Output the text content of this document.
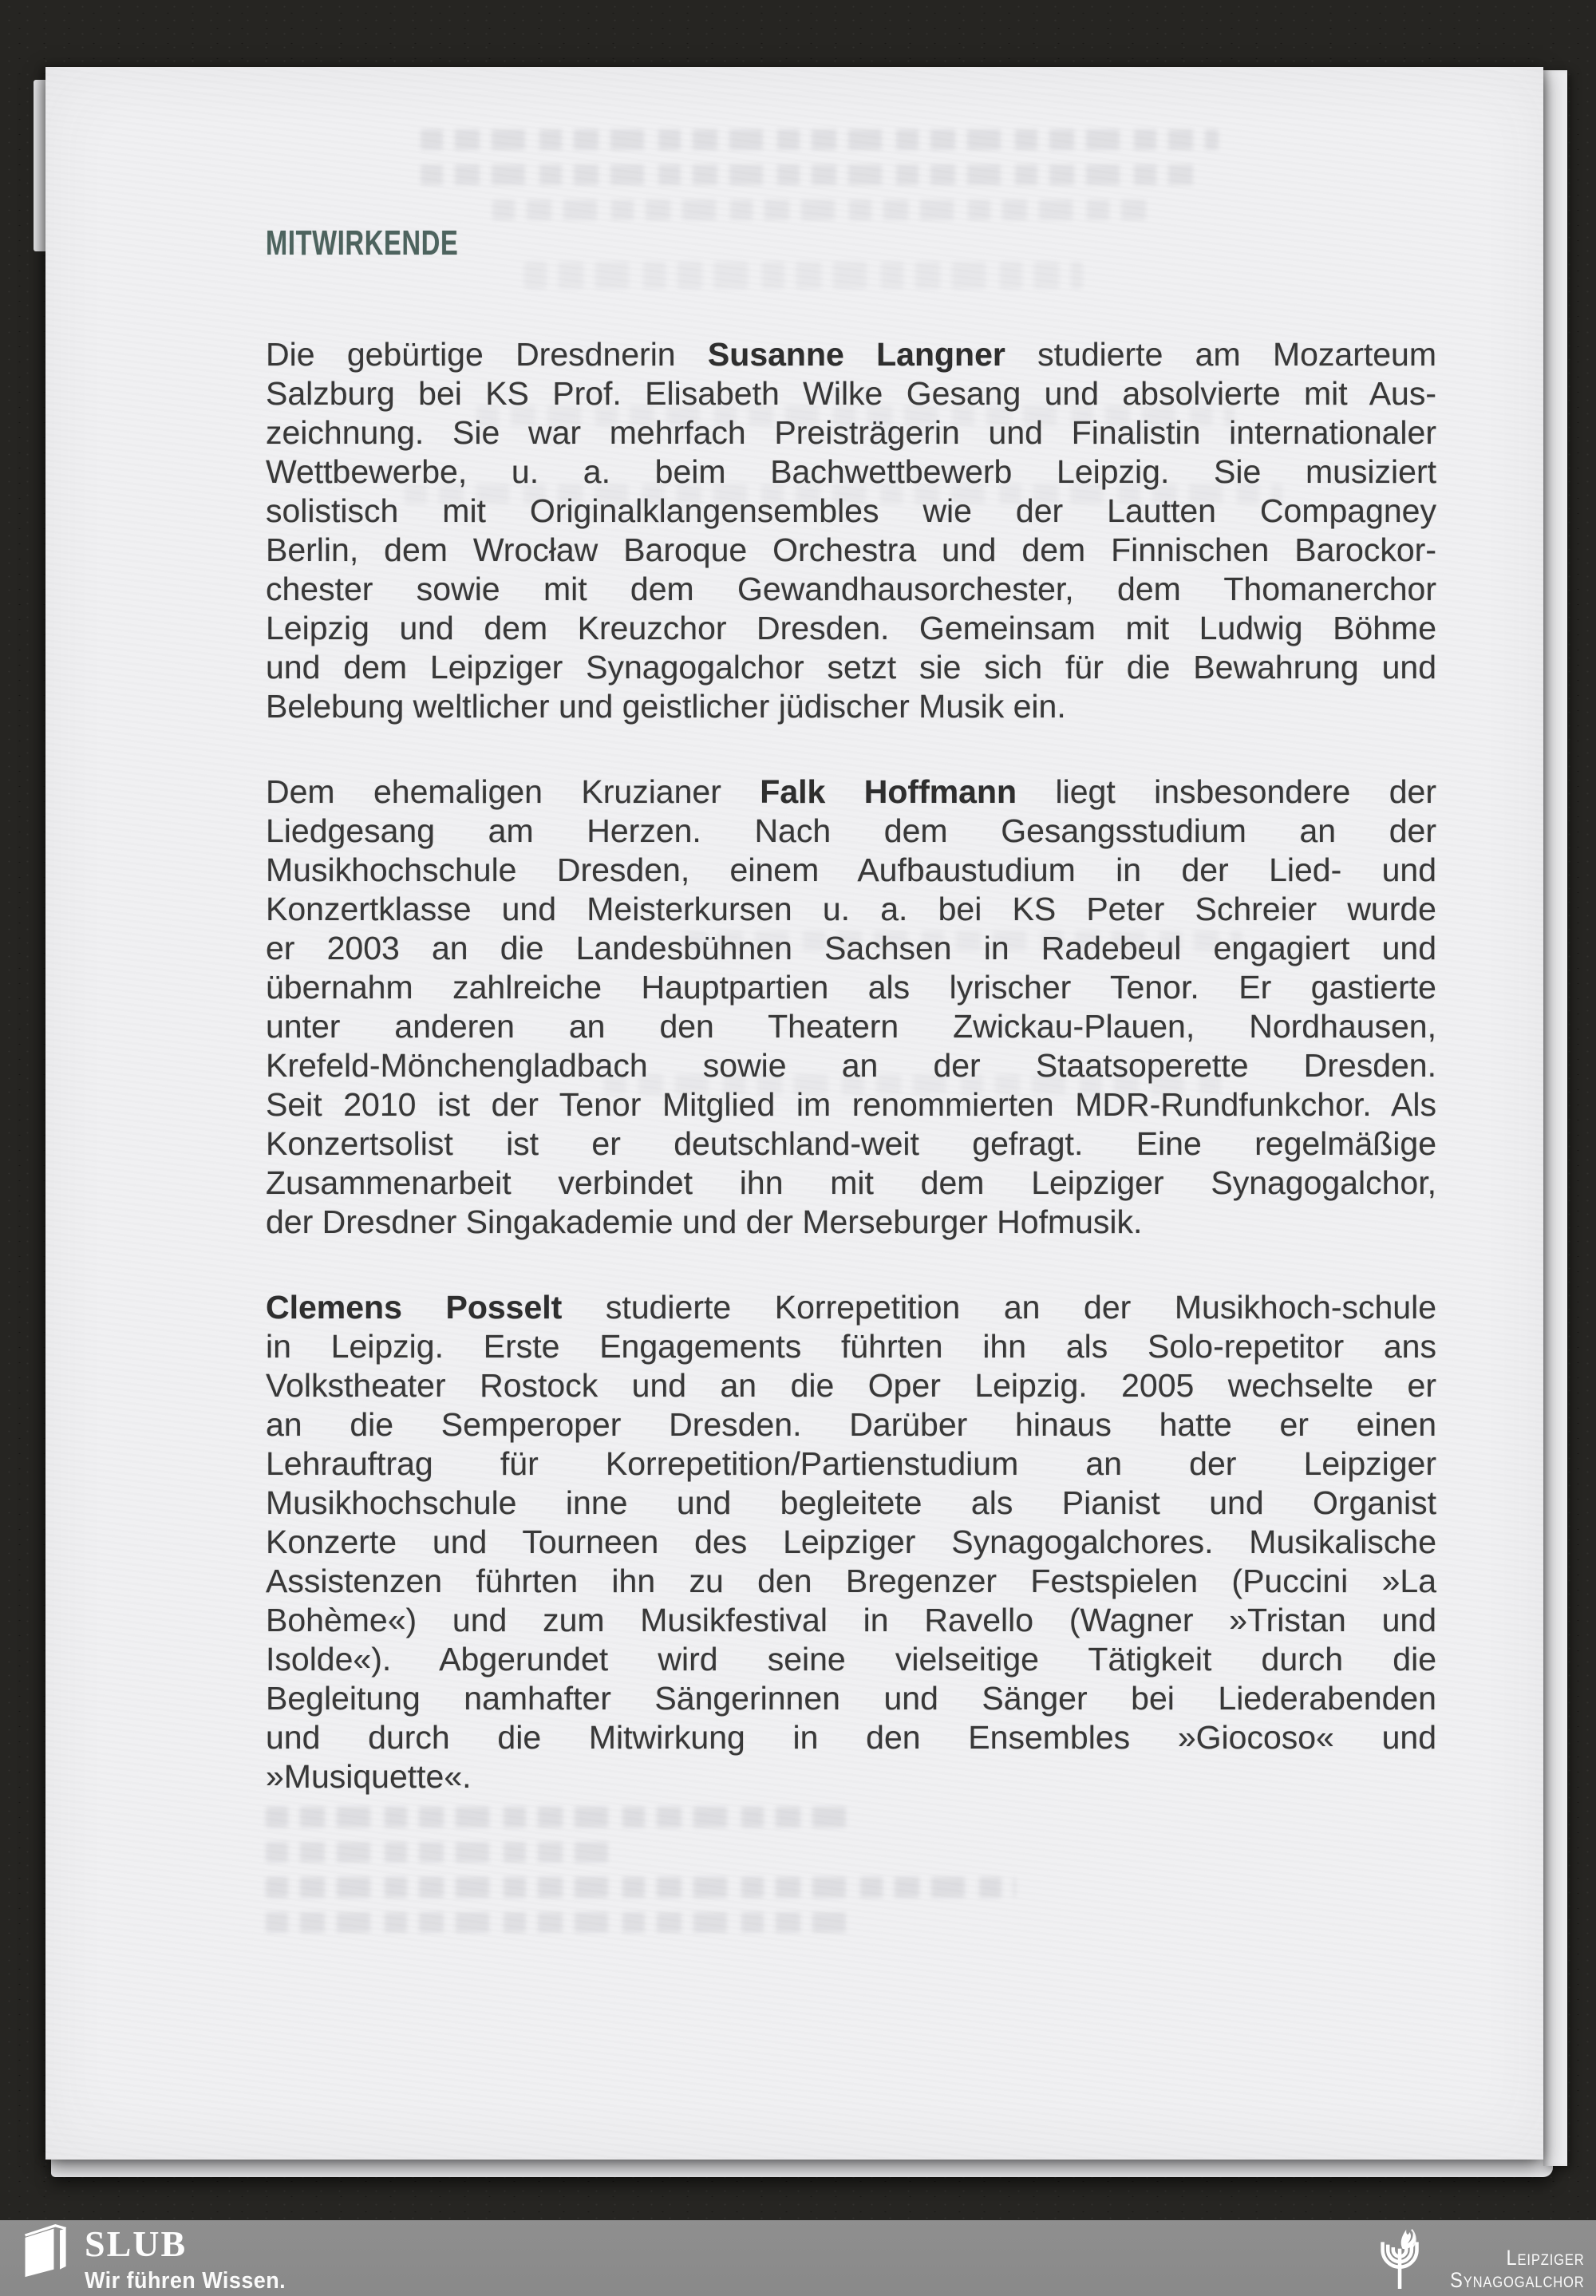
MITWIRKENDE
Die gebürtige Dresdnerin Susanne Langner studierte am Mozarteum
Salzburg bei KS Prof. Elisabeth Wilke Gesang und absolvierte mit Aus-
zeichnung. Sie war mehrfach Preisträgerin und Finalistin internationaler
Wettbewerbe, u. a. beim Bachwettbewerb Leipzig. Sie musiziert
solistisch mit Originalklangensembles wie der Lautten Compagney
Berlin, dem Wrocław Baroque Orchestra und dem Finnischen Barockor-
chester sowie mit dem Gewandhausorchester, dem Thomanerchor
Leipzig und dem Kreuzchor Dresden. Gemeinsam mit Ludwig Böhme
und dem Leipziger Synagogalchor setzt sie sich für die Bewahrung und
Belebung weltlicher und geistlicher jüdischer Musik ein.
Dem ehemaligen Kruzianer Falk Hoffmann liegt insbesondere der
Liedgesang am Herzen. Nach dem Gesangsstudium an der
Musikhochschule Dresden, einem Aufbaustudium in der Lied- und
Konzertklasse und Meisterkursen u. a. bei KS Peter Schreier wurde
er 2003 an die Landesbühnen Sachsen in Radebeul engagiert und
übernahm zahlreiche Hauptpartien als lyrischer Tenor. Er gastierte
unter anderen an den Theatern Zwickau-Plauen, Nordhausen,
Krefeld-Mönchengladbach sowie an der Staatsoperette Dresden.
Seit 2010 ist der Tenor Mitglied im renommierten MDR-Rundfunkchor. Als
Konzertsolist ist er deutschland-weit gefragt. Eine regelmäßige
Zusammenarbeit verbindet ihn mit dem Leipziger Synagogalchor,
der Dresdner Singakademie und der Merseburger Hofmusik.
Clemens Posselt studierte Korrepetition an der Musikhoch-schule
in Leipzig. Erste Engagements führten ihn als Solo-repetitor ans
Volkstheater Rostock und an die Oper Leipzig. 2005 wechselte er
an die Semperoper Dresden. Darüber hinaus hatte er einen
Lehrauftrag für Korrepetition/Partienstudium an der Leipziger
Musikhochschule inne und begleitete als Pianist und Organist
Konzerte und Tourneen des Leipziger Synagogalchores. Musikalische
Assistenzen führten ihn zu den Bregenzer Festspielen (Puccini »La
Bohème«) und zum Musikfestival in Ravello (Wagner »Tristan und
Isolde«). Abgerundet wird seine vielseitige Tätigkeit durch die
Begleitung namhafter Sängerinnen und Sänger bei Liederabenden
und durch die Mitwirkung in den Ensembles »Giocoso« und
»Musiquette«.

SLUB

Wir führen Wissen.

Leipziger
Synagogalchor
